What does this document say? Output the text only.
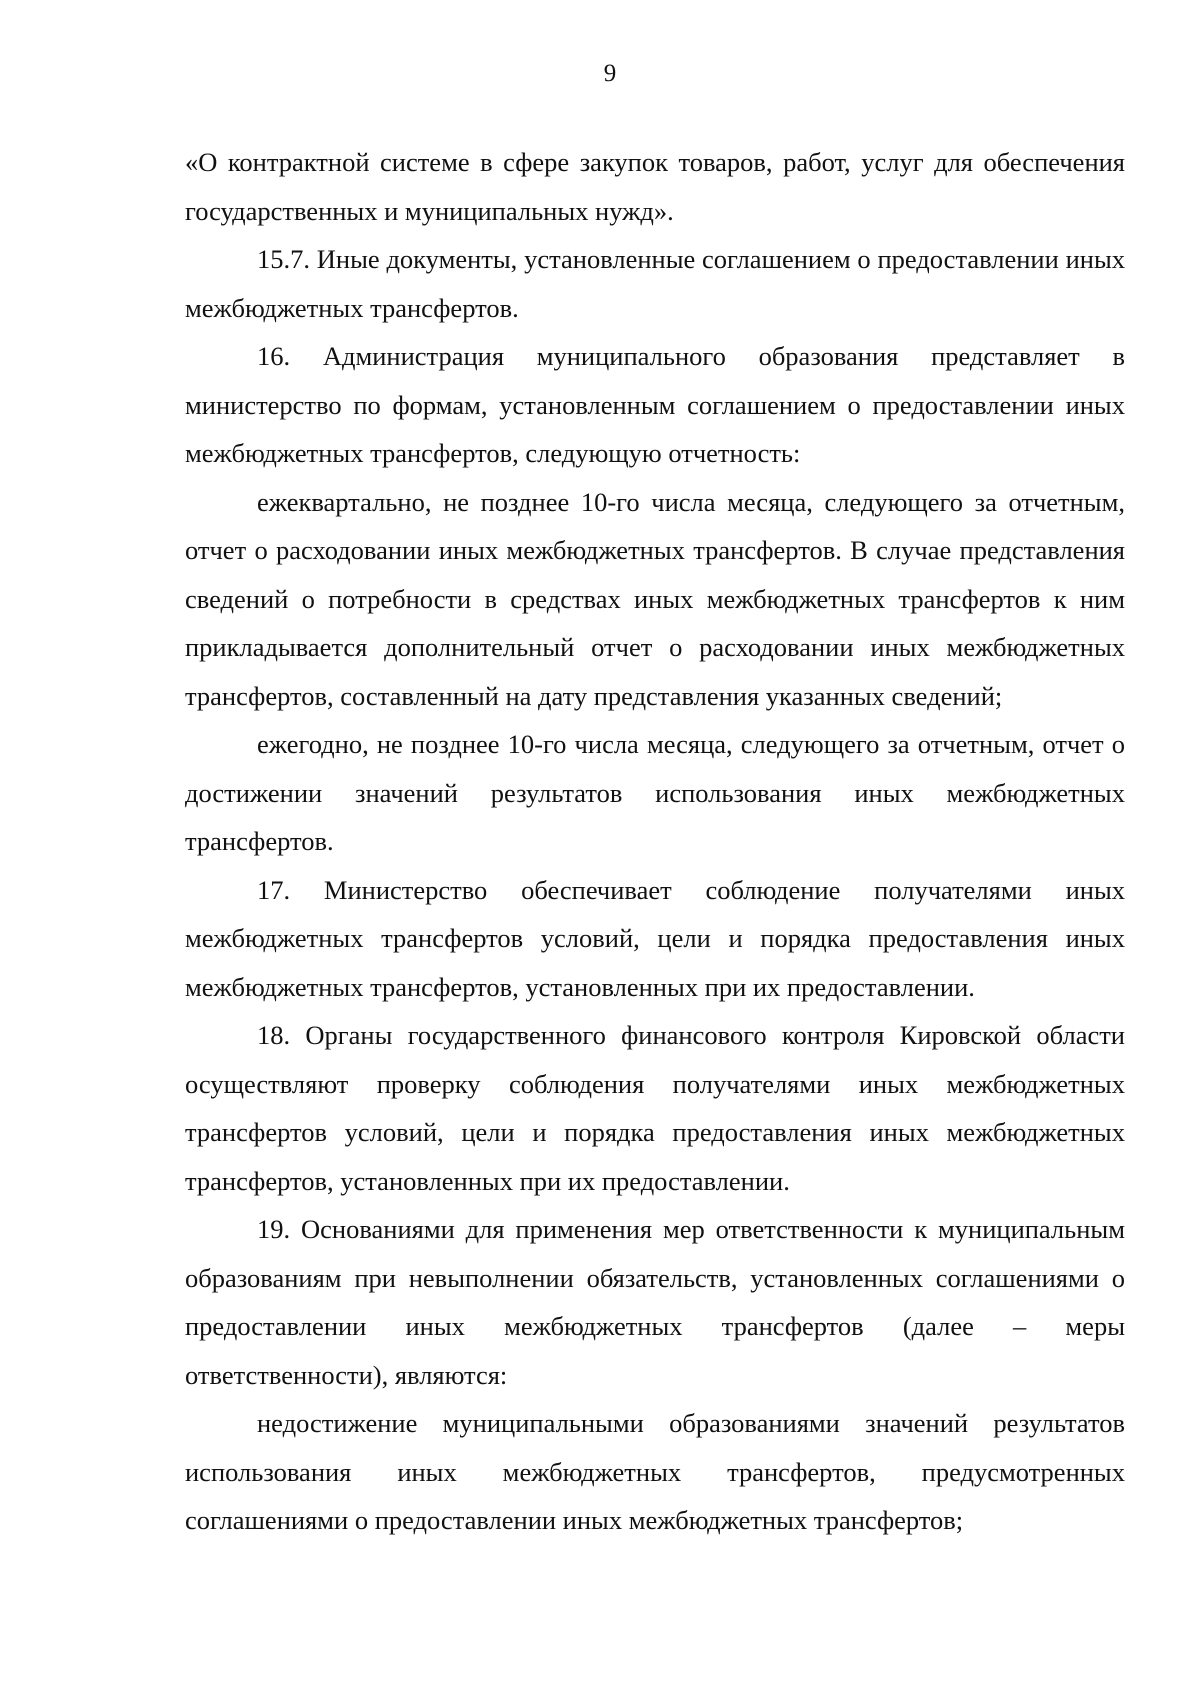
9

«О контрактной системе в сфере закупок товаров, работ, услуг для обеспечения государственных и муниципальных нужд».

15.7. Иные документы, установленные соглашением о предоставлении иных межбюджетных трансфертов.

16. Администрация муниципального образования представляет в министерство по формам, установленным соглашением о предоставлении иных межбюджетных трансфертов, следующую отчетность:

ежеквартально, не позднее 10-го числа месяца, следующего за отчетным, отчет о расходовании иных межбюджетных трансфертов. В случае представления сведений о потребности в средствах иных межбюджетных трансфертов к ним прикладывается дополнительный отчет о расходовании иных межбюджетных трансфертов, составленный на дату представления указанных сведений;

ежегодно, не позднее 10-го числа месяца, следующего за отчетным, отчет о достижении значений результатов использования иных межбюджетных трансфертов.

17. Министерство обеспечивает соблюдение получателями иных межбюджетных трансфертов условий, цели и порядка предоставления иных межбюджетных трансфертов, установленных при их предоставлении.

18. Органы государственного финансового контроля Кировской области осуществляют проверку соблюдения получателями иных межбюджетных трансфертов условий, цели и порядка предоставления иных межбюджетных трансфертов, установленных при их предоставлении.

19. Основаниями для применения мер ответственности к муниципальным образованиям при невыполнении обязательств, установленных соглашениями о предоставлении иных межбюджетных трансфертов (далее – меры ответственности), являются:

недостижение муниципальными образованиями значений результатов использования иных межбюджетных трансфертов, предусмотренных соглашениями о предоставлении иных межбюджетных трансфертов;
